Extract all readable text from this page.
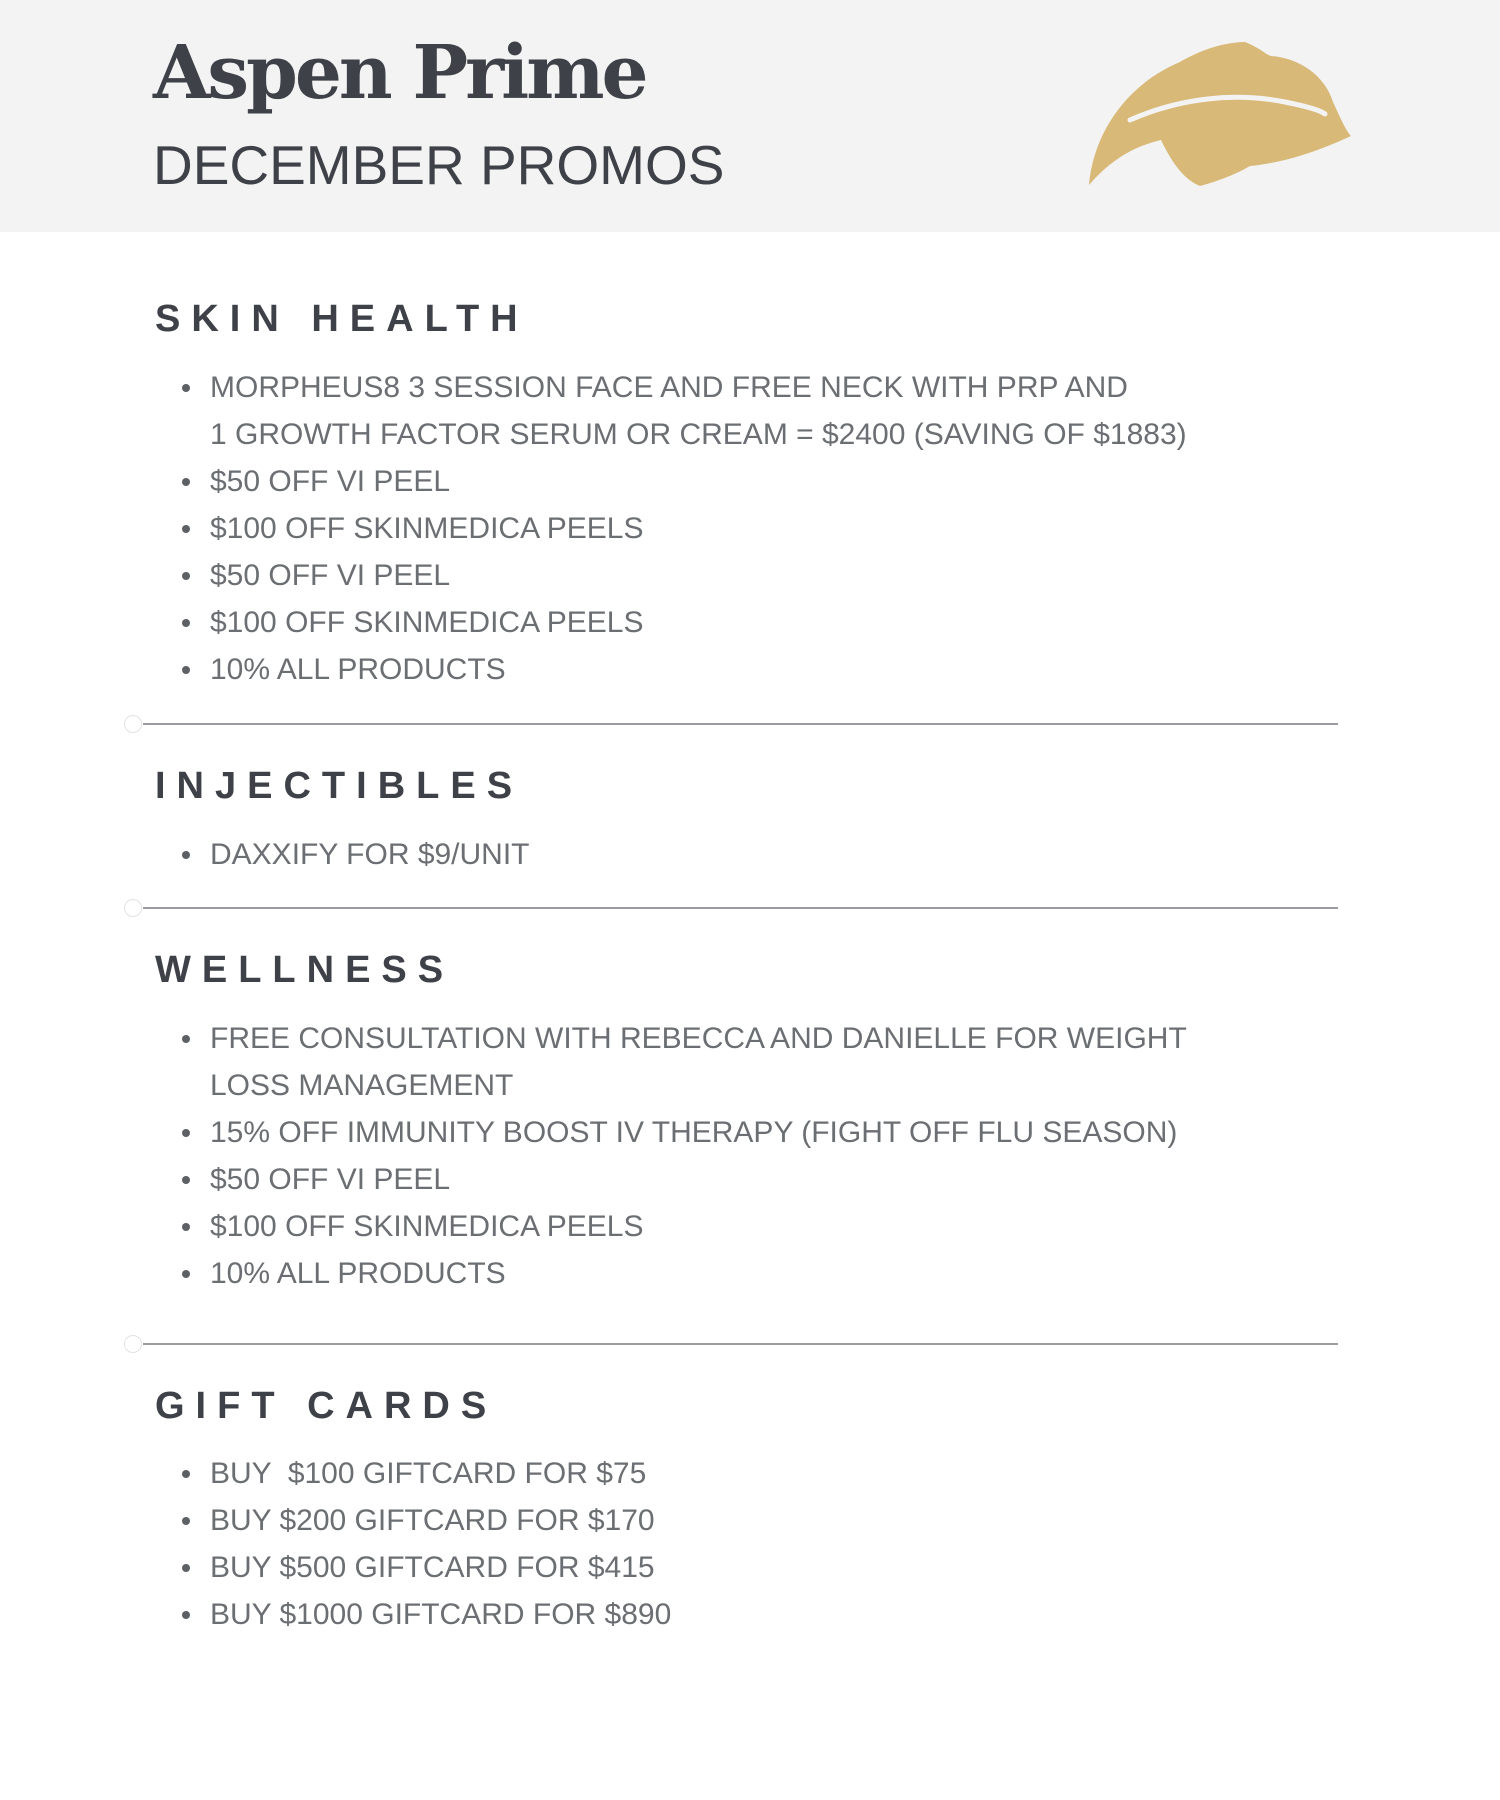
Aspen Prime
DECEMBER PROMOS
SKIN HEALTH
MORPHEUS8 3 SESSION FACE AND FREE NECK WITH PRP AND
1 GROWTH FACTOR SERUM OR CREAM = $2400 (SAVING OF $1883)
$50 OFF VI PEEL
$100 OFF SKINMEDICA PEELS
$50 OFF VI PEEL
$100 OFF SKINMEDICA PEELS
10% ALL PRODUCTS
INJECTIBLES
DAXXIFY FOR $9/UNIT
WELLNESS
FREE CONSULTATION WITH REBECCA AND DANIELLE FOR WEIGHT
LOSS MANAGEMENT
15% OFF IMMUNITY BOOST IV THERAPY (FIGHT OFF FLU SEASON)
$50 OFF VI PEEL
$100 OFF SKINMEDICA PEELS
10% ALL PRODUCTS
GIFT CARDS
BUY  $100 GIFTCARD FOR $75
BUY $200 GIFTCARD FOR $170
BUY $500 GIFTCARD FOR $415
BUY $1000 GIFTCARD FOR $890
